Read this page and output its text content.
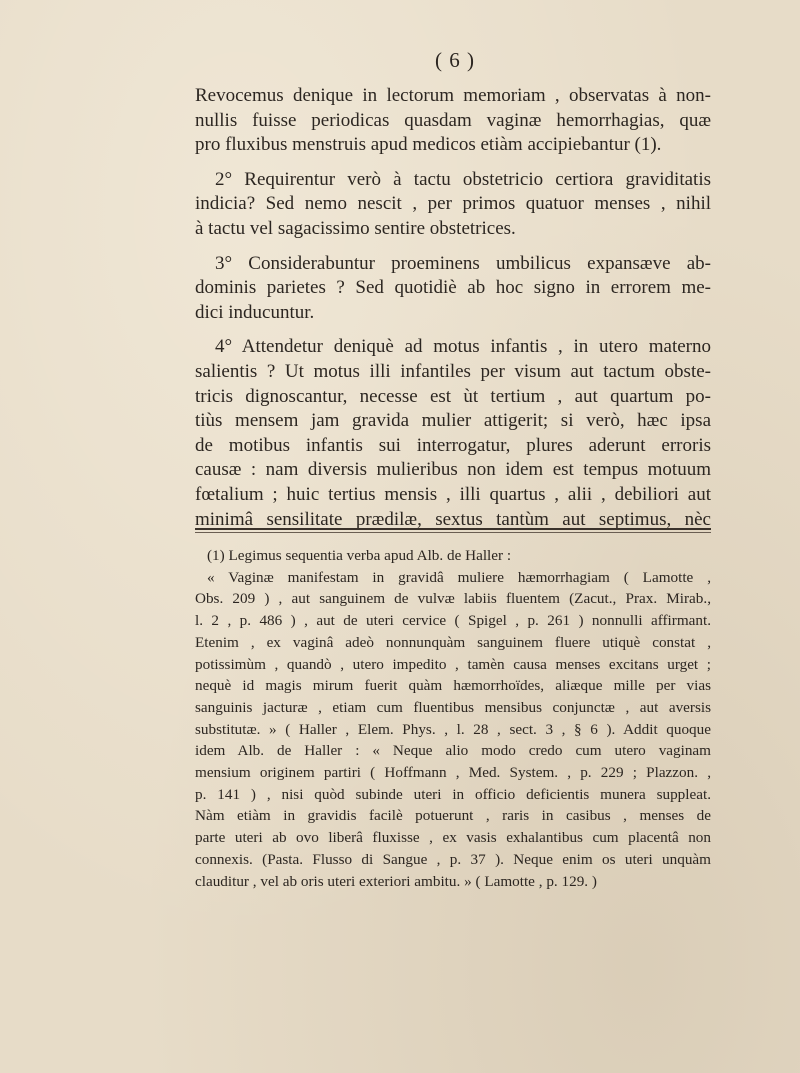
( 6 )
Revocemus denique in lectorum memoriam , observatas à non-
nullis fuisse periodicas quasdam vaginæ hemorrhagias, quæ
pro fluxibus menstruis apud medicos etiàm accipiebantur (1).
2° Requirentur verò à tactu obstetricio certiora graviditatis
indicia? Sed nemo nescit , per primos quatuor menses , nihil
à tactu vel sagacissimo sentire obstetrices.
3° Considerabuntur proeminens umbilicus expansæve ab-
dominis parietes ? Sed quotidiè ab hoc signo in errorem me-
dici inducuntur.
4° Attendetur deniquè ad motus infantis , in utero materno
salientis ? Ut motus illi infantiles per visum aut tactum obste-
tricis dignoscantur, necesse est ùt tertium , aut quartum po-
tiùs mensem jam gravida mulier attigerit; si verò, hæc ipsa
de motibus infantis sui interrogatur, plures aderunt erroris
causæ : nam diversis mulieribus non idem est tempus motuum
fœtalium ; huic tertius mensis , illi quartus , alii , debiliori aut
minimâ sensilitate prædilæ, sextus tantùm aut septimus, nèc
(1) Legimus sequentia verba apud Alb. de Haller :
« Vaginæ manifestam in gravidâ muliere hæmorrhagiam ( Lamotte ,
Obs. 209 ) , aut sanguinem de vulvæ labiis fluentem (Zacut., Prax. Mirab.,
l. 2 , p. 486 ) , aut de uteri cervice ( Spigel , p. 261 ) nonnulli affirmant.
Etenim , ex vaginâ adeò nonnunquàm sanguinem fluere utiquè constat ,
potissimùm , quandò , utero impedito , tamèn causa menses excitans urget ;
nequè id magis mirum fuerit quàm hæmorrhoïdes, aliæque mille per vias
sanguinis jacturæ , etiam cum fluentibus mensibus conjunctæ , aut aversis
substitutæ. » ( Haller , Elem. Phys. , l. 28 , sect. 3 , § 6 ). Addit quoque
idem Alb. de Haller : « Neque alio modo credo cum utero vaginam
mensium originem partiri ( Hoffmann , Med. System. , p. 229 ; Plazzon. ,
p. 141 ) , nisi quòd subinde uteri in officio deficientis munera suppleat.
Nàm etiàm in gravidis facilè potuerunt , raris in casibus , menses de
parte uteri ab ovo liberâ fluxisse , ex vasis exhalantibus cum placentâ non
connexis. (Pasta. Flusso di Sangue , p. 37 ). Neque enim os uteri unquàm
clauditur , vel ab oris uteri exteriori ambitu. » ( Lamotte , p. 129. )
